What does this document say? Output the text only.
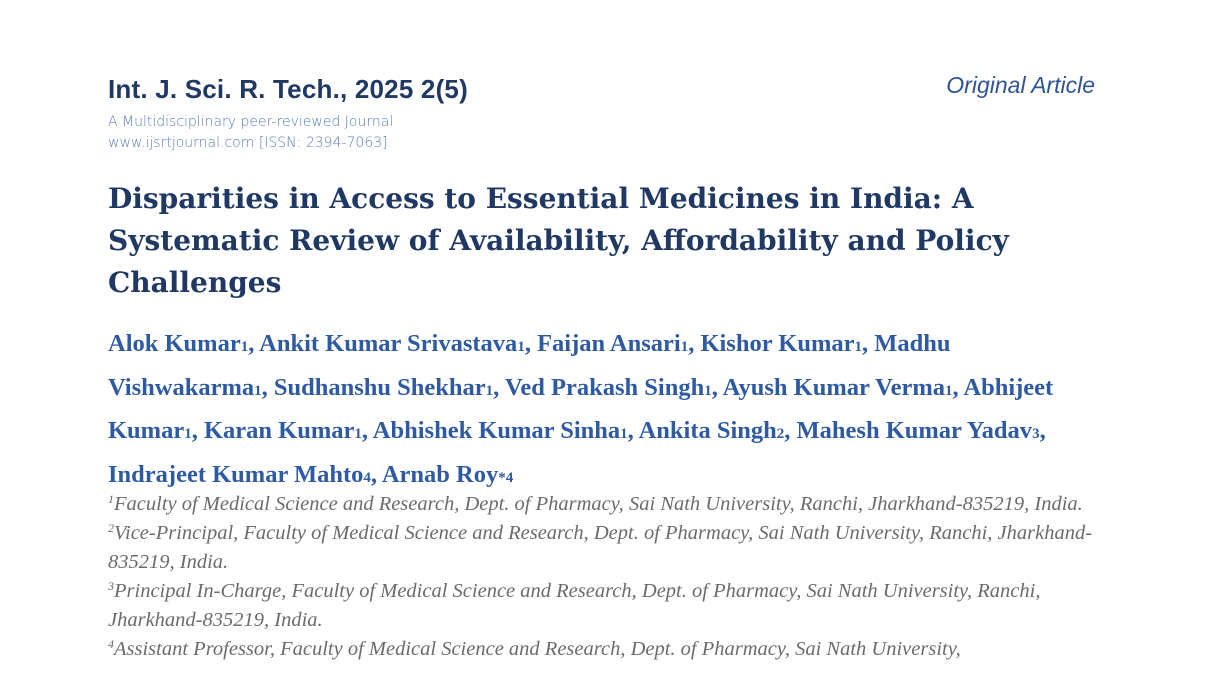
Int. J. Sci. R. Tech., 2025 2(5)	Original Article
A Multidisciplinary peer-reviewed Journal
www.ijsrtjournal.com [ISSN: 2394-7063]
Disparities in Access to Essential Medicines in India: A Systematic Review of Availability, Affordability and Policy Challenges
Alok Kumar1, Ankit Kumar Srivastava1, Faijan Ansari1, Kishor Kumar1, Madhu Vishwakarma1, Sudhanshu Shekhar1, Ved Prakash Singh1, Ayush Kumar Verma1, Abhijeet Kumar1, Karan Kumar1, Abhishek Kumar Sinha1, Ankita Singh2, Mahesh Kumar Yadav3, Indrajeet Kumar Mahto4, Arnab Roy*4
$^1$Faculty of Medical Science and Research, Dept. of Pharmacy, Sai Nath University, Ranchi, Jharkhand-835219, India.
$^2$Vice-Principal, Faculty of Medical Science and Research, Dept. of Pharmacy, Sai Nath University, Ranchi, Jharkhand-835219, India.
$^3$Principal In-Charge, Faculty of Medical Science and Research, Dept. of Pharmacy, Sai Nath University, Ranchi, Jharkhand-835219, India.
$^4$Assistant Professor, Faculty of Medical Science and Research, Dept. of Pharmacy, Sai Nath University,
